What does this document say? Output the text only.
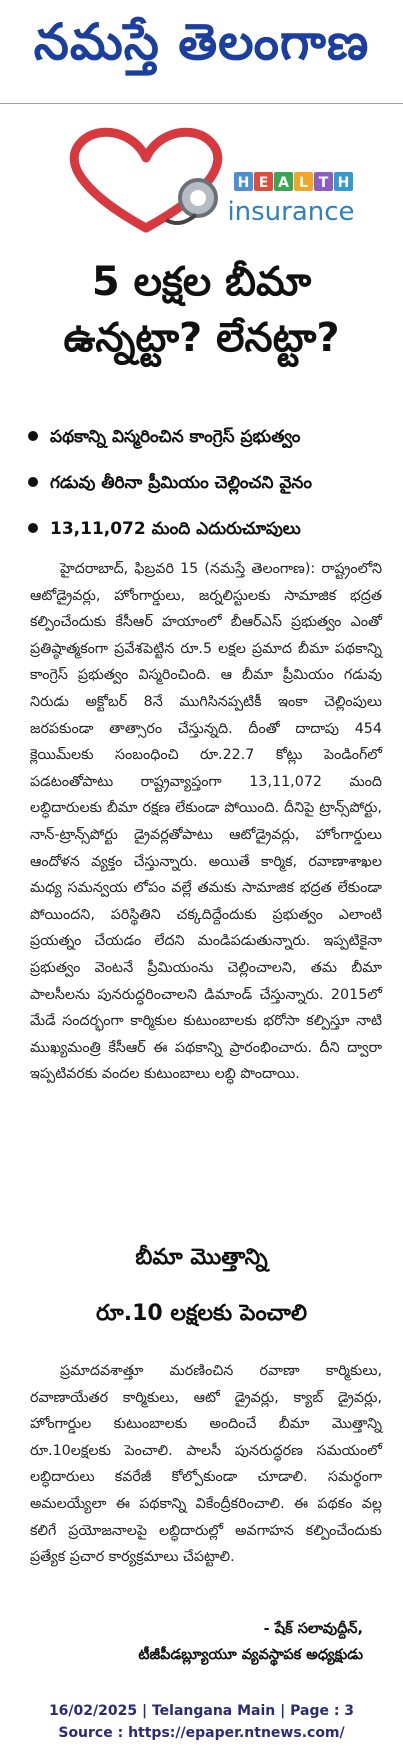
నమస్తే తెలంగాణ
H E A L T H
insurance
5 లక్షల బీమా
ఉన్నట్టా? లేనట్టా?
పథకాన్ని విస్మరించిన కాంగ్రెస్ ప్రభుత్వం
గడువు తీరినా ప్రీమియం చెల్లించని వైనం
13,11,072 మంది ఎదురుచూపులు

హైదరాబాద్, ఫిబ్రవరి 15 (నమస్తే తెలంగాణ): రాష్ట్రంలోని ఆటోడ్రైవర్లు, హోంగార్డులు, జర్నలిస్టులకు సామాజిక భద్రత కల్పించేందుకు కేసీఆర్ హయాంలో బీఆర్‌ఎస్ ప్రభుత్వం ఎంతో ప్రతిష్ఠాత్మకంగా ప్రవేశపెట్టిన రూ.5 లక్షల ప్రమాద బీమా పథకాన్ని కాంగ్రెస్ ప్రభుత్వం విస్మరించింది. ఆ బీమా ప్రీమియం గడువు నిరుడు అక్టోబర్ 8నే ముగిసినప్పటికీ ఇంకా చెల్లింపులు జరపకుండా తాత్సారం చేస్తున్నది. దీంతో దాదాపు 454 క్లెయిమ్‌లకు సంబంధించి రూ.22.7 కోట్లు పెండింగ్‌లో పడటంతోపాటు రాష్ట్రవ్యాప్తంగా 13,11,072 మంది లబ్ధిదారులకు బీమా రక్షణ లేకుండా పోయింది. దీనిపై ట్రాన్స్‌పోర్టు, నాన్-ట్రాన్స్‌పోర్టు డ్రైవర్లతోపాటు ఆటోడ్రైవర్లు, హోంగార్డులు ఆందోళన వ్యక్తం చేస్తున్నారు. అయితే కార్మిక, రవాణాశాఖల మధ్య సమన్వయ లోపం వల్లే తమకు సామాజిక భద్రత లేకుండా పోయిందని, పరిస్థితిని చక్కదిద్దేందుకు ప్రభుత్వం ఎలాంటి ప్రయత్నం చేయడం లేదని మండిపడుతున్నారు. ఇప్పటికైనా ప్రభుత్వం వెంటనే ప్రీమియంను చెల్లించాలని, తమ బీమా పాలసీలను పునరుద్ధరించాలని డిమాండ్ చేస్తున్నారు. 2015లో మేడే సందర్భంగా కార్మికుల కుటుంబాలకు భరోసా కల్పిస్తూ నాటి ముఖ్యమంత్రి కేసీఆర్ ఈ పథకాన్ని ప్రారంభించారు. దీని ద్వారా ఇప్పటివరకు వందల కుటుంబాలు లబ్ధి పొందాయి.

బీమా మొత్తాన్ని
రూ.10 లక్షలకు పెంచాలి

ప్రమాదవశాత్తూ మరణించిన రవాణా కార్మికులు, రవాణాయేతర కార్మికులు, ఆటో డ్రైవర్లు, క్యాబ్ డ్రైవర్లు, హోంగార్డుల కుటుంబాలకు అందించే బీమా మొత్తాన్ని రూ.10లక్షలకు పెంచాలి. పాలసీ పునరుద్ధరణ సమయంలో లబ్ధిదారులు కవరేజీ కోల్పోకుండా చూడాలి. సమర్థంగా అమలయ్యేలా ఈ పథకాన్ని వికేంద్రీకరించాలి. ఈ పథకం వల్ల కలిగే ప్రయోజనాలపై లబ్ధిదారుల్లో అవగాహన కల్పించేందుకు ప్రత్యేక ప్రచార కార్యక్రమాలు చేపట్టాలి.

- షేక్ సలావుద్దీన్,
టీజీపీడబ్ల్యూయూ వ్యవస్థాపక అధ్యక్షుడు
16/02/2025 | Telangana Main | Page : 3
Source : https://epaper.ntnews.com/
